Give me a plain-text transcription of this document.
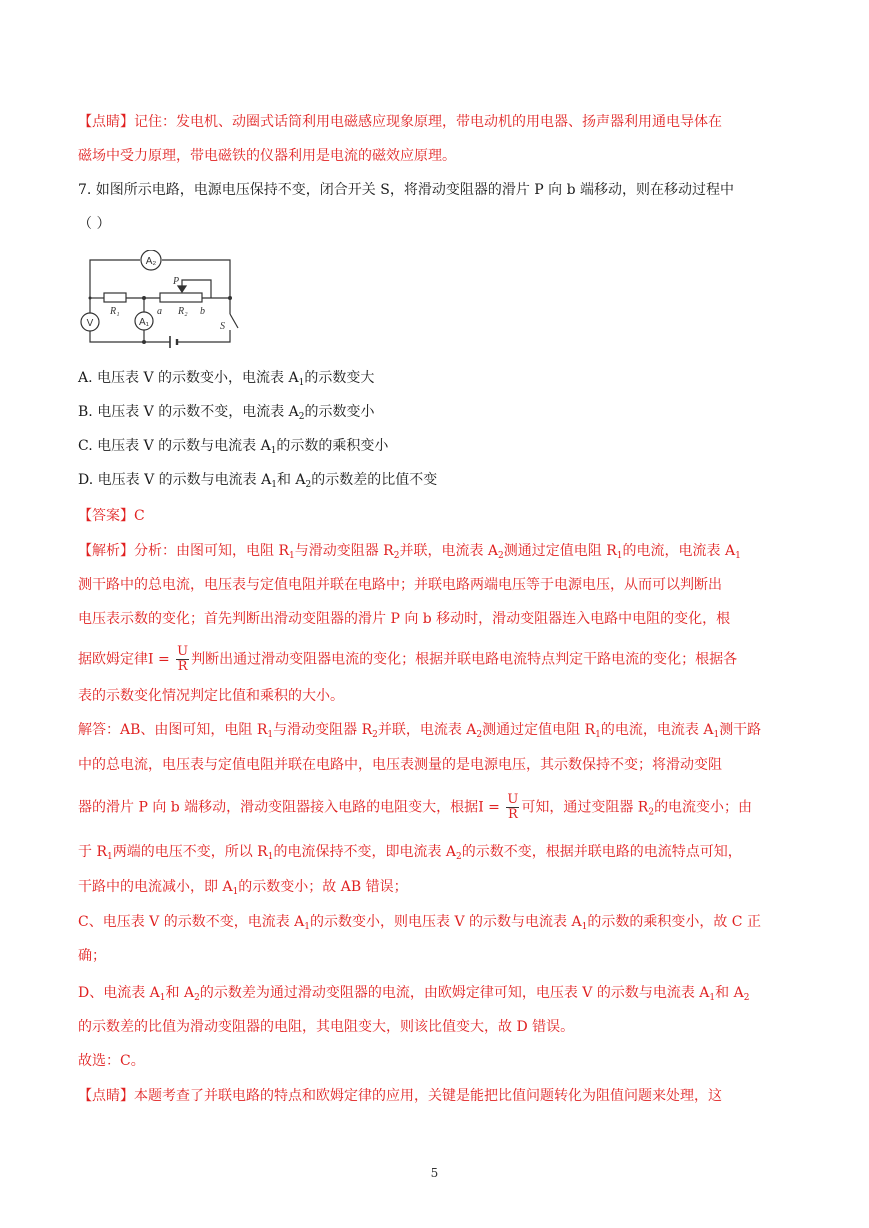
【点睛】记住：发电机、动圈式话筒利用电磁感应现象原理，带电动机的用电器、扬声器利用通电导体在
磁场中受力原理，带电磁铁的仪器利用是电流的磁效应原理。
7. 如图所示电路，电源电压保持不变，闭合开关 S，将滑动变阻器的滑片 P 向 b 端移动，则在移动过程中
（ ）
A₂
V	A₁
P
R₁	R₂
a	b
S
A. 电压表 V 的示数变小，电流表 $A_1$的示数变大
B. 电压表 V 的示数不变，电流表 $A_2$的示数变小
C. 电压表 V 的示数与电流表 $A_1$的示数的乘积变小
D. 电压表 V 的示数与电流表 $A_1$和 $A_2$的示数差的比值不变
【答案】C
【解析】分析：由图可知，电阻 $R_1$与滑动变阻器 $R_2$并联，电流表 $A_2$测通过定值电阻 $R_1$的电流，电流表 $A_1$
测干路中的总电流，电压表与定值电阻并联在电路中；并联电路两端电压等于电源电压，从而可以判断出
电压表示数的变化；首先判断出滑动变阻器的滑片 P 向 b 移动时，滑动变阻器连入电路中电阻的变化，根
据欧姆定律$I = \frac{U}{R}$ 判断出通过滑动变阻器电流的变化；根据并联电路电流特点判定干路电流的变化；根据各
表的示数变化情况判定比值和乘积的大小。
解答：AB、由图可知，电阻 $R_1$与滑动变阻器 $R_2$并联，电流表 $A_2$测通过定值电阻 $R_1$的电流，电流表 $A_1$测干路
中的总电流，电压表与定值电阻并联在电路中，电压表测量的是电源电压，其示数保持不变；将滑动变阻
器的滑片 P 向 b 端移动，滑动变阻器接入电路的电阻变大，根据$I = \frac{U}{R}$ 可知，通过变阻器 $R_2$的电流变小；由
于 $R_1$两端的电压不变，所以 $R_1$的电流保持不变，即电流表 $A_2$的示数不变，根据并联电路的电流特点可知，
干路中的电流减小，即 $A_1$的示数变小；故 AB 错误；
C、电压表 V 的示数不变，电流表 $A_1$的示数变小，则电压表 V 的示数与电流表 $A_1$的示数的乘积变小，故 C 正
确；
D、电流表 $A_1$和 $A_2$的示数差为通过滑动变阻器的电流，由欧姆定律可知，电压表 V 的示数与电流表 $A_1$和 $A_2$
的示数差的比值为滑动变阻器的电阻，其电阻变大，则该比值变大，故 D 错误。
故选：C。
【点睛】本题考查了并联电路的特点和欧姆定律的应用，关键是能把比值问题转化为阻值问题来处理，这
5
